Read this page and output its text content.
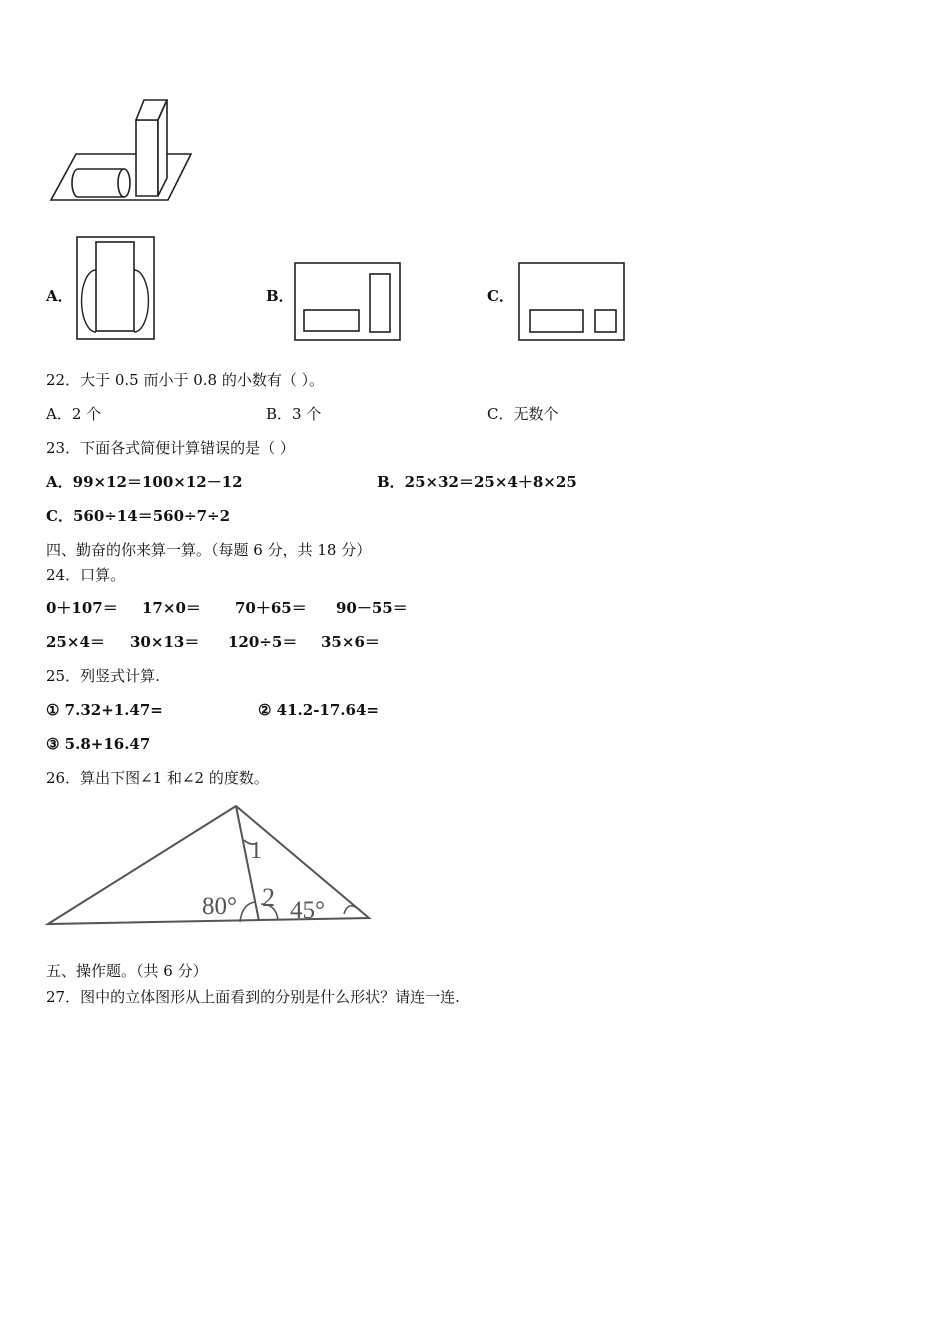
A．	B．	C．
22．大于 0.5 而小于 0.8 的小数有（ ）。
A．2 个	B．3 个	C．无数个
23．下面各式简便计算错误的是（ ）
A．99×12＝100×12－12	B．25×32＝25×4＋8×25
C．560÷14＝560÷7÷2
四、勤奋的你来算一算。（每题 6 分，共 18 分）
24．口算。
0＋107＝ 17×0＝ 70＋65＝ 90－55＝
25×4＝ 30×13＝ 120÷5＝ 35×6＝
25．列竖式计算.
① 7.32+1.47=	② 41.2-17.64=
③ 5.8+16.47
26．算出下图∠1 和∠2 的度数。
1
2
80° 45°
五、操作题。（共 6 分）
27．图中的立体图形从上面看到的分别是什么形状？请连一连.
